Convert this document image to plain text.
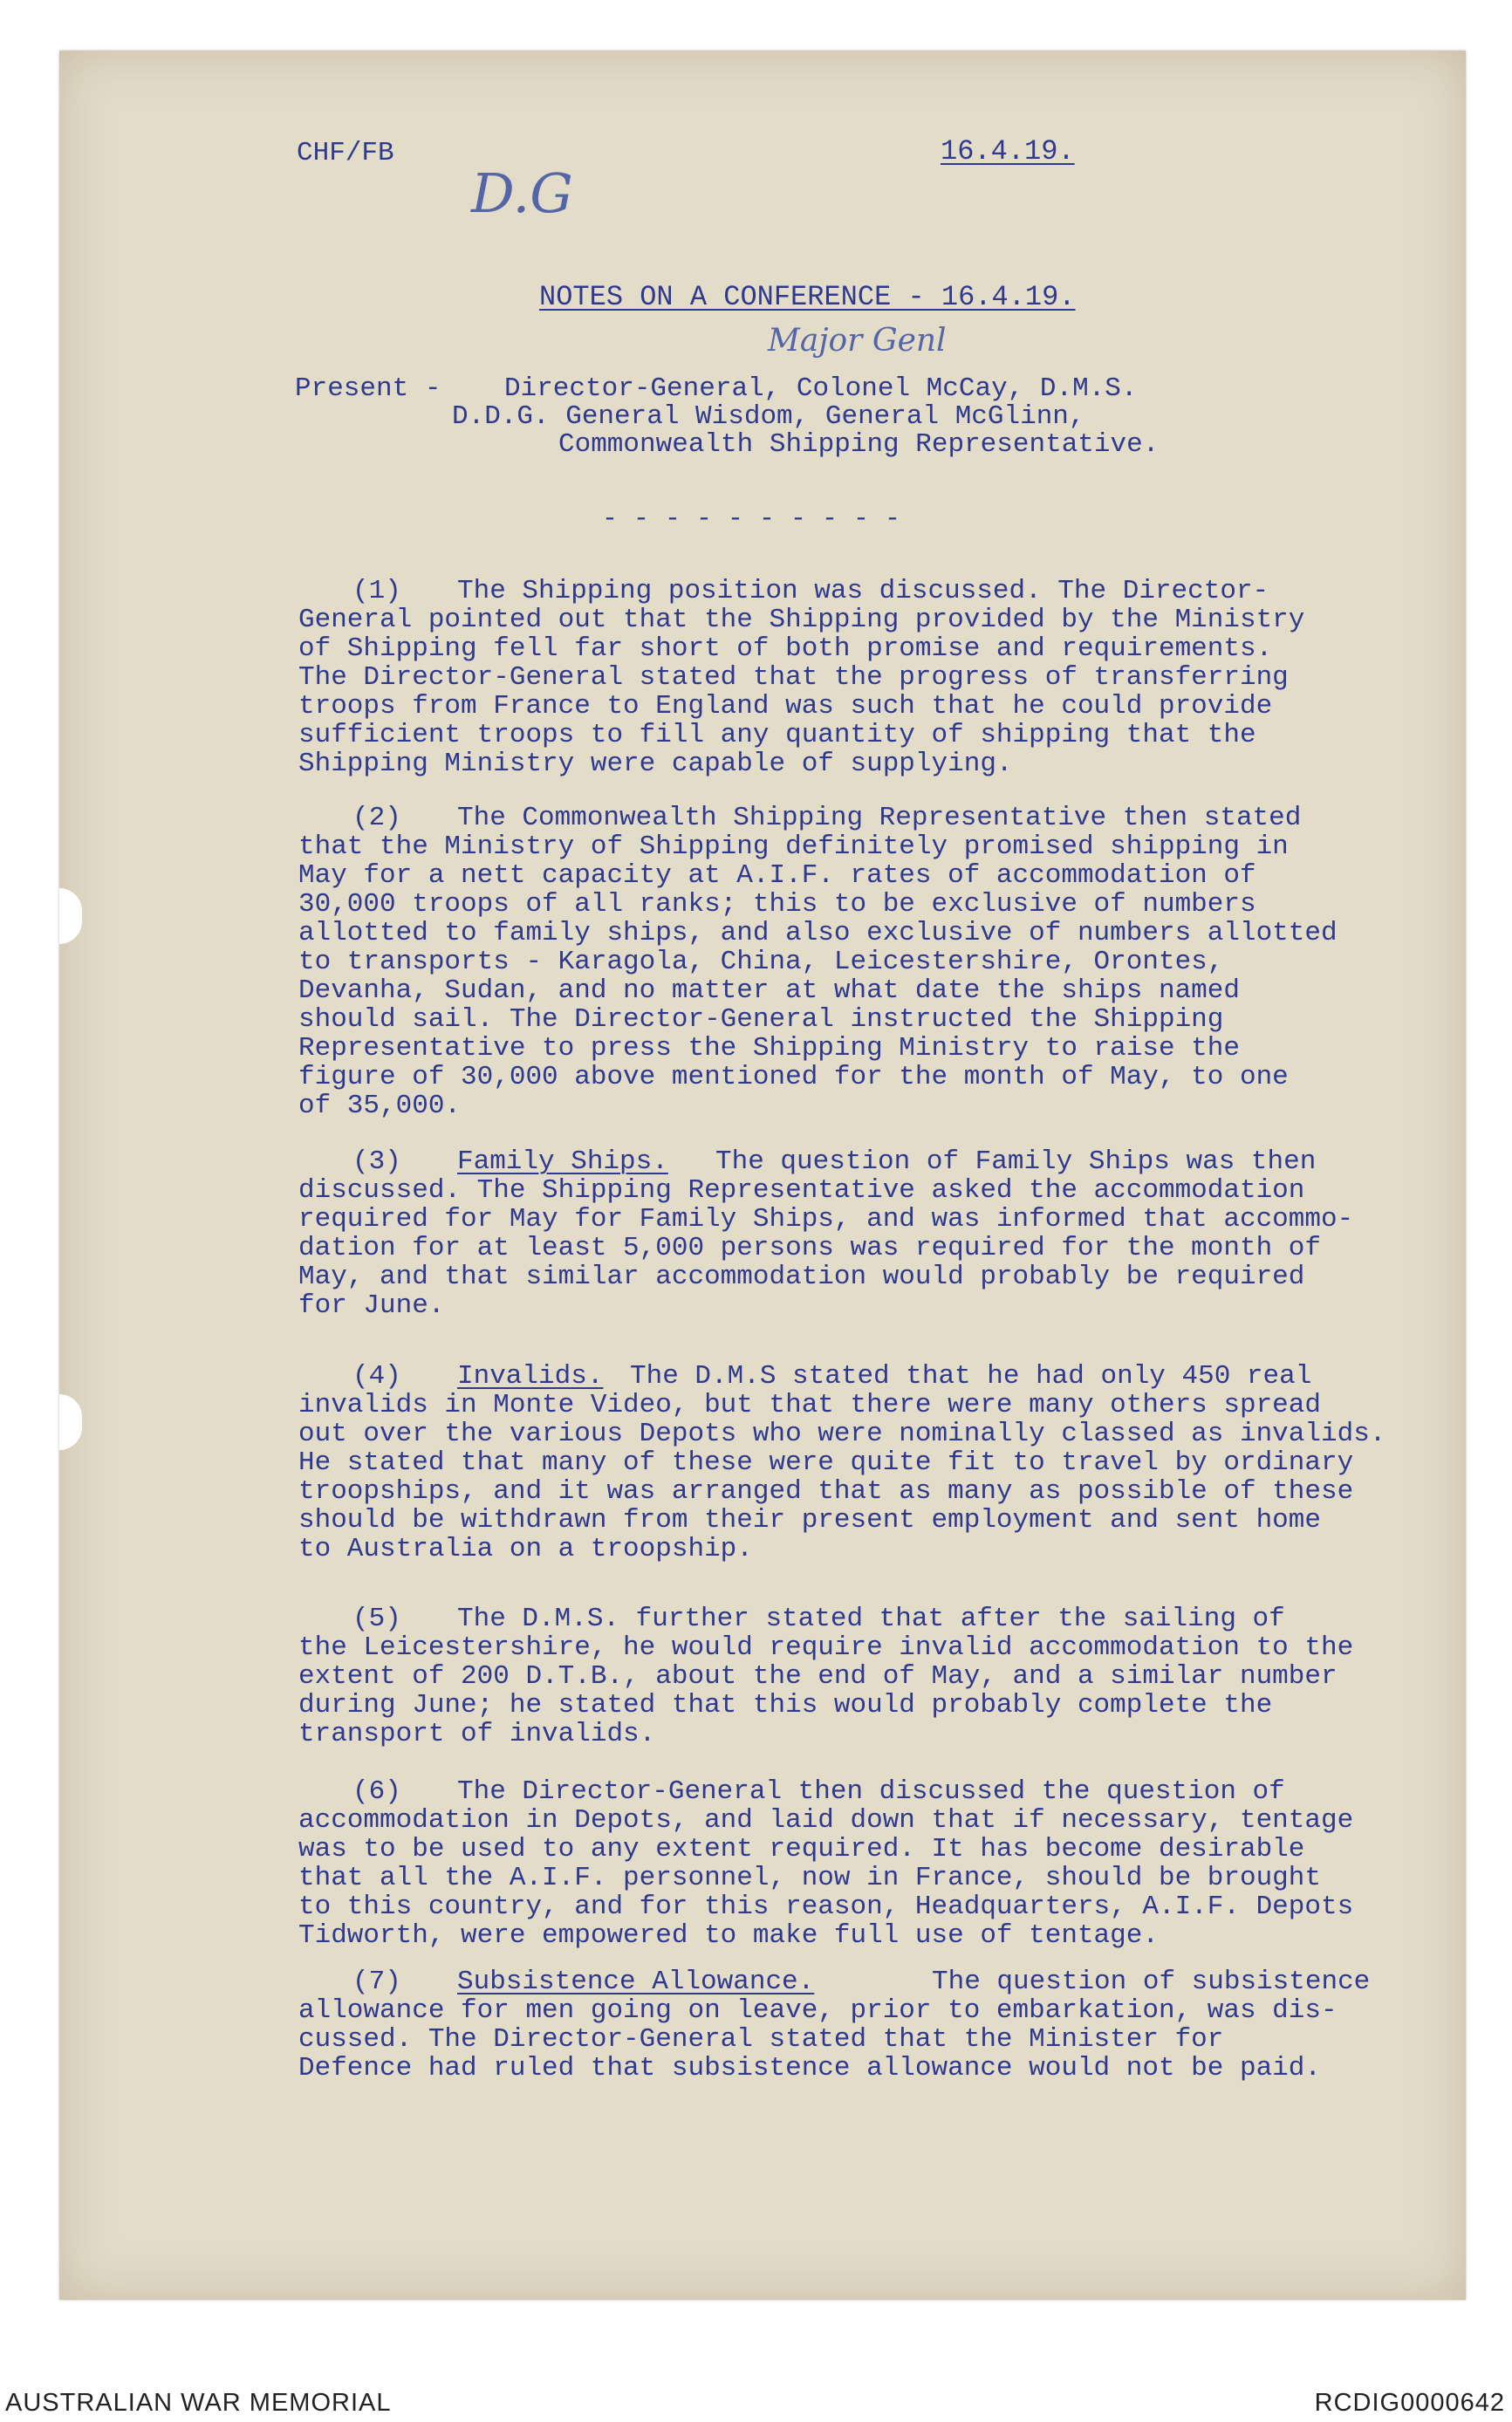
CHF/FB	16.4.19.
D.G
NOTES ON A CONFERENCE - 16.4.19.
Major Genl
Present - Director-General, Colonel McCay, D.M.S.
D.D.G. General Wisdom, General McGlinn,
Commonwealth Shipping Representative.
- - - - - - - - - -
(1) The Shipping position was discussed. The Director-
General pointed out that the Shipping provided by the Ministry
of Shipping fell far short of both promise and requirements.
The Director-General stated that the progress of transferring
troops from France to England was such that he could provide
sufficient troops to fill any quantity of shipping that the
Shipping Ministry were capable of supplying.
(2) The Commonwealth Shipping Representative then stated
that the Ministry of Shipping definitely promised shipping in
May for a nett capacity at A.I.F. rates of accommodation of
30,000 troops of all ranks; this to be exclusive of numbers
allotted to family ships, and also exclusive of numbers allotted
to transports - Karagola, China, Leicestershire, Orontes,
Devanha, Sudan, and no matter at what date the ships named
should sail. The Director-General instructed the Shipping
Representative to press the Shipping Ministry to raise the
figure of 30,000 above mentioned for the month of May, to one
of 35,000.
(3) Family Ships. The question of Family Ships was then
discussed. The Shipping Representative asked the accommodation
required for May for Family Ships, and was informed that accommo-
dation for at least 5,000 persons was required for the month of
May, and that similar accommodation would probably be required
for June.
(4) Invalids. The D.M.S stated that he had only 450 real
invalids in Monte Video, but that there were many others spread
out over the various Depots who were nominally classed as invalids.
He stated that many of these were quite fit to travel by ordinary
troopships, and it was arranged that as many as possible of these
should be withdrawn from their present employment and sent home
to Australia on a troopship.
(5) The D.M.S. further stated that after the sailing of
the Leicestershire, he would require invalid accommodation to the
extent of 200 D.T.B., about the end of May, and a similar number
during June; he stated that this would probably complete the
transport of invalids.
(6) The Director-General then discussed the question of
accommodation in Depots, and laid down that if necessary, tentage
was to be used to any extent required. It has become desirable
that all the A.I.F. personnel, now in France, should be brought
to this country, and for this reason, Headquarters, A.I.F. Depots
Tidworth, were empowered to make full use of tentage.
(7) Subsistence Allowance.	The question of subsistence
allowance for men going on leave, prior to embarkation, was dis-
cussed. The Director-General stated that the Minister for
Defence had ruled that subsistence allowance would not be paid.
AUSTRALIAN WAR MEMORIAL	RCDIG0000642
